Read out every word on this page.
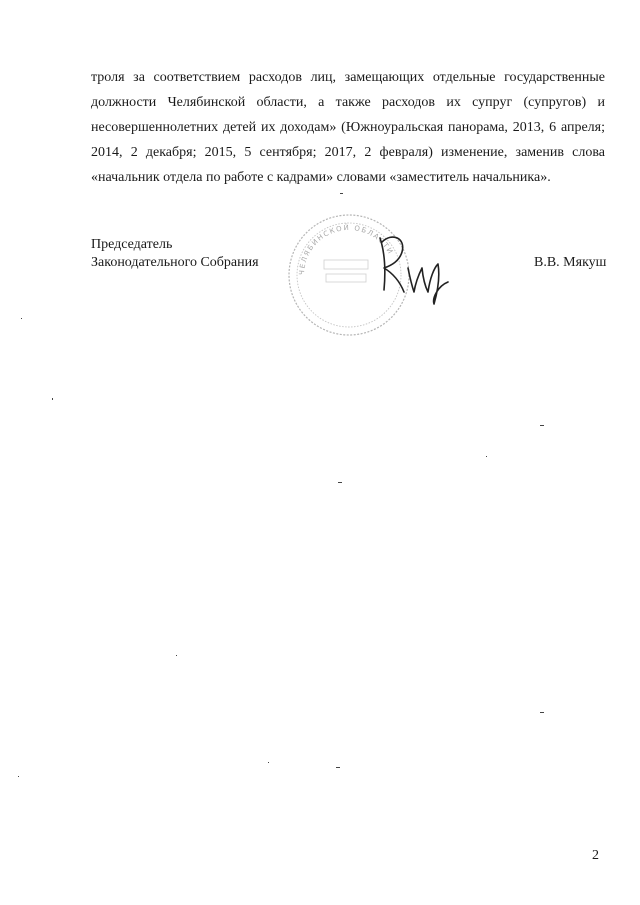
троля за соответствием расходов лиц, замещающих отдельные государственные должности Челябинской области, а также расходов их супруг (супругов) и несовершеннолетних детей их доходам» (Южноуральская панорама, 2013, 6 апреля; 2014, 2 декабря; 2015, 5 сентября; 2017, 2 февраля) изменение, заменив слова «начальник отдела по работе с кадрами» словами «заместитель начальника».

Председатель
Законодательного Собрания
ЧЕЛЯБИНСКОЙ ОБЛАСТИ
В.В. Мякуш
2
